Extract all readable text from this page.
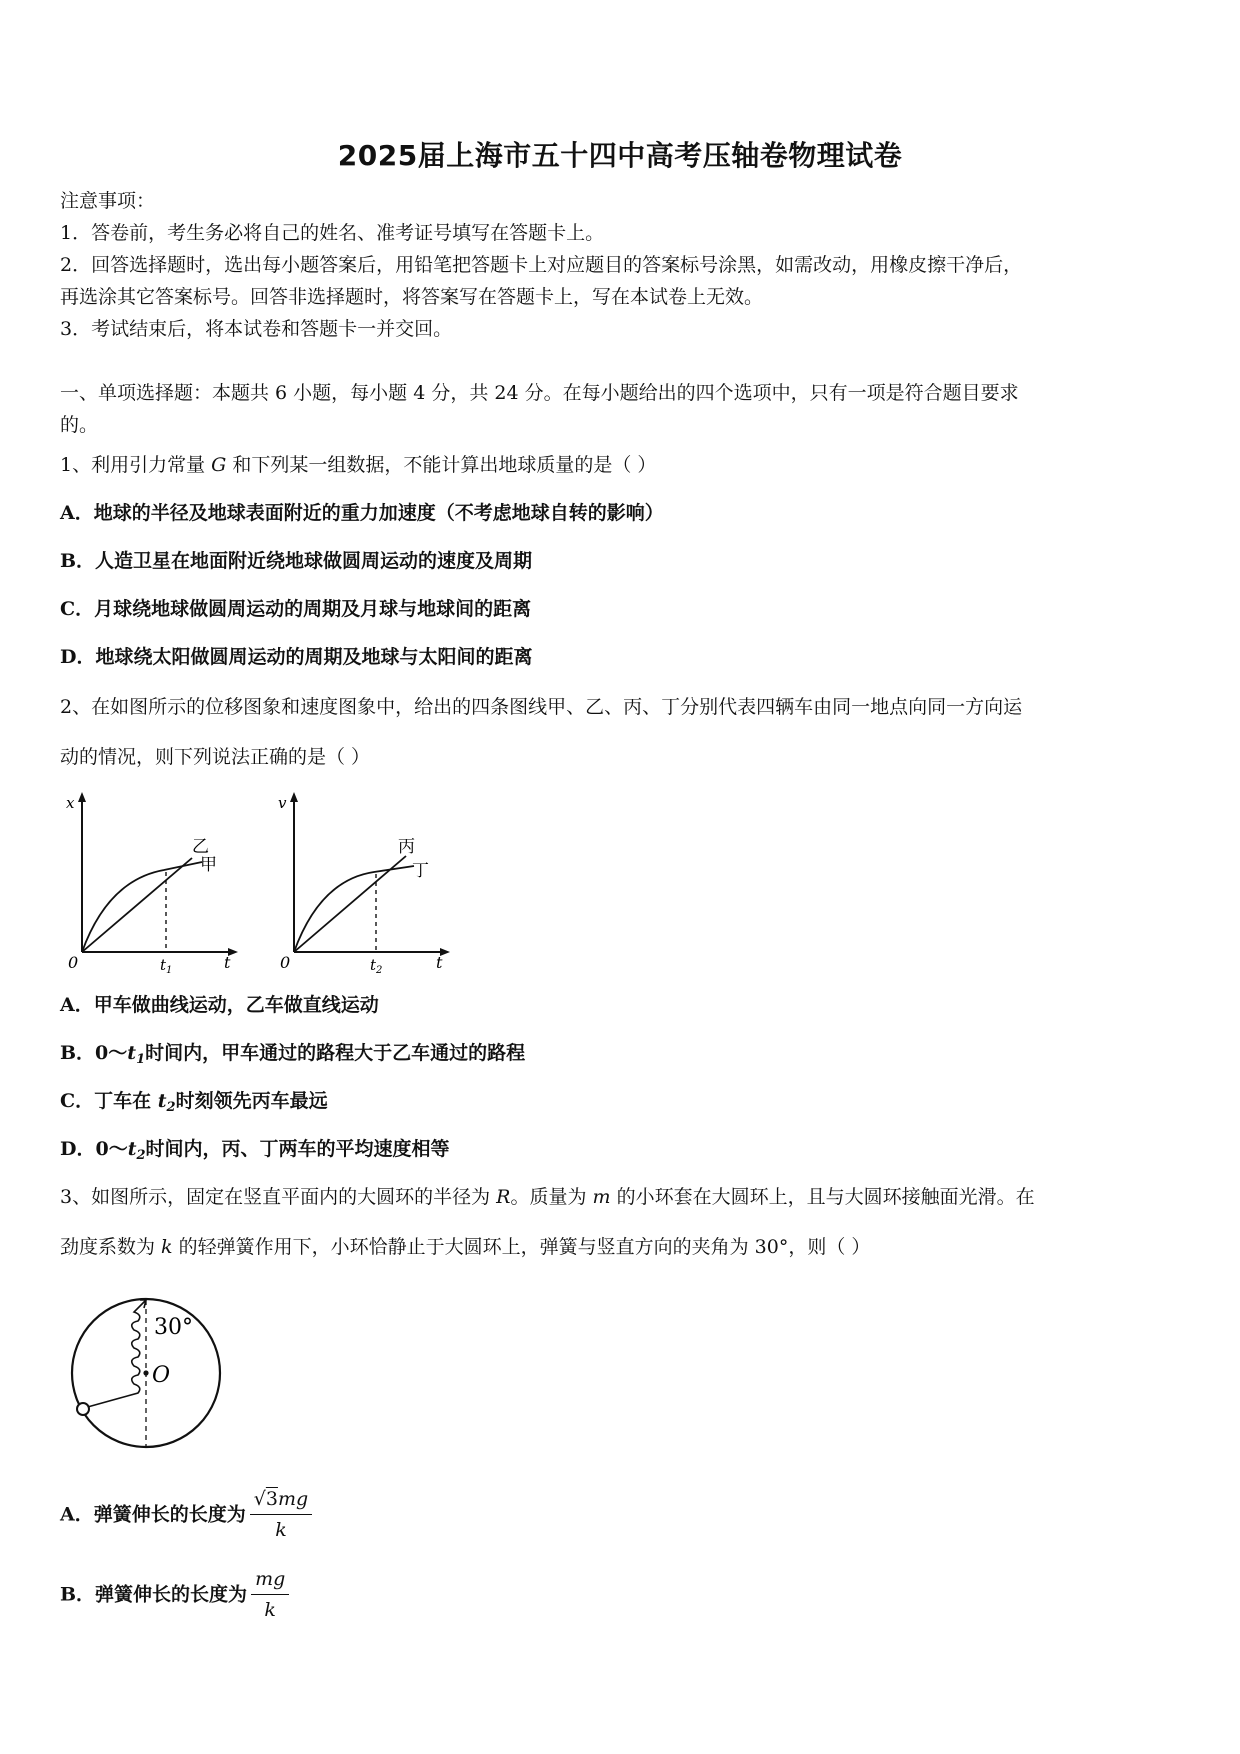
2025届上海市五十四中高考压轴卷物理试卷
注意事项：
1．答卷前，考生务必将自己的姓名、准考证号填写在答题卡上。
2．回答选择题时，选出每小题答案后，用铅笔把答题卡上对应题目的答案标号涂黑，如需改动，用橡皮擦干净后，
再选涂其它答案标号。回答非选择题时，将答案写在答题卡上，写在本试卷上无效。
3．考试结束后，将本试卷和答题卡一并交回。
一、单项选择题：本题共 6 小题，每小题 4 分，共 24 分。在每小题给出的四个选项中，只有一项是符合题目要求
的。
1、利用引力常量 G 和下列某一组数据，不能计算出地球质量的是（ ）
A．地球的半径及地球表面附近的重力加速度（不考虑地球自转的影响）
B．人造卫星在地面附近绕地球做圆周运动的速度及周期
C．月球绕地球做圆周运动的周期及月球与地球间的距离
D．地球绕太阳做圆周运动的周期及地球与太阳间的距离
2、在如图所示的位移图象和速度图象中，给出的四条图线甲、乙、丙、丁分别代表四辆车由同一地点向同一方向运
动的情况，则下列说法正确的是（ ）
x
0	t
$t_1$
乙
甲
v
0	t
$t_2$
丙
丁
A．甲车做曲线运动，乙车做直线运动
B．$0\sim t_1$时间内，甲车通过的路程大于乙车通过的路程
C．丁车在 $t_2$时刻领先丙车最远
D．$0\sim t_2$时间内，丙、丁两车的平均速度相等
3、如图所示，固定在竖直平面内的大圆环的半径为 R。质量为 m 的小环套在大圆环上，且与大圆环接触面光滑。在
劲度系数为 k 的轻弹簧作用下，小环恰静止于大圆环上，弹簧与竖直方向的夹角为 30°，则（ ）
30°
O
A．弹簧伸长的长度为 $\frac{√3mg}{k}$
B．弹簧伸长的长度为 $\frac{mg}{k}$
